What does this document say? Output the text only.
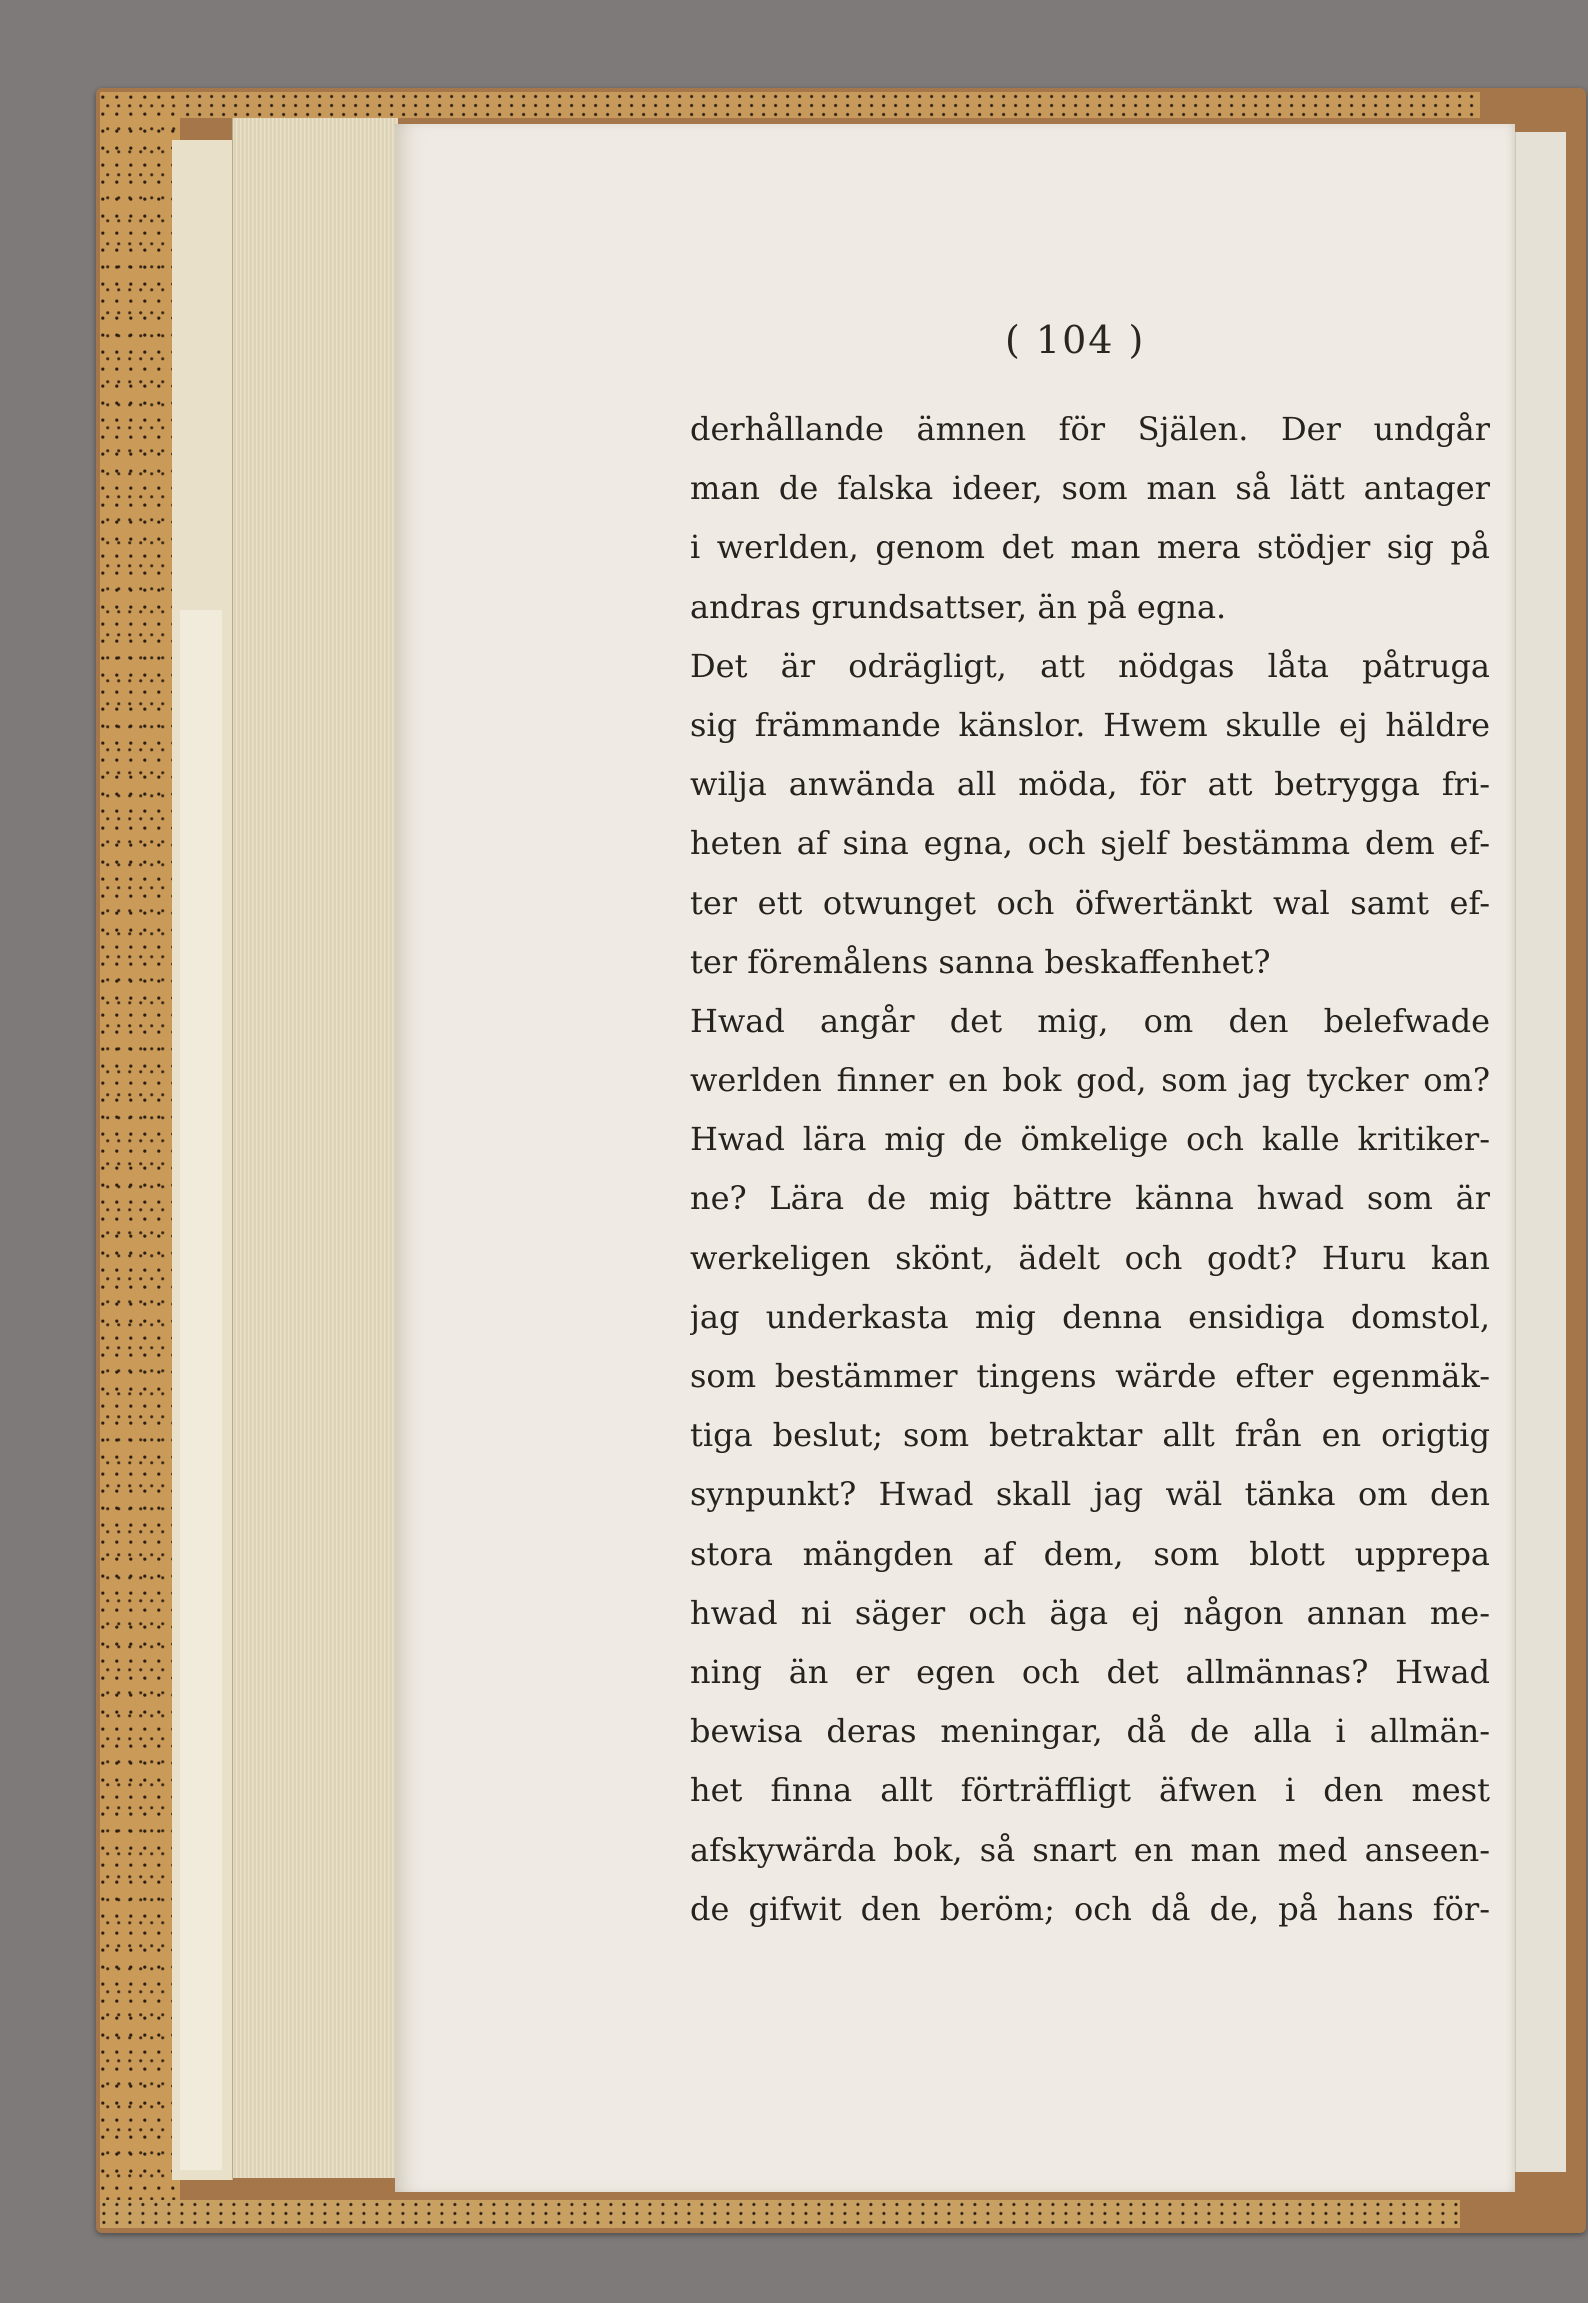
( 104 )
derhållande ämnen för Själen. Der undgår
man de falska ideer, som man så lätt antager
i werlden, genom det man mera stödjer sig på
andras grundsattser, än på egna.
Det är odrägligt, att nödgas låta påtruga
sig främmande känslor. Hwem skulle ej häldre
wilja anwända all möda, för att betrygga fri-
heten af sina egna, och sjelf bestämma dem ef-
ter ett otwunget och öfwertänkt wal samt ef-
ter föremålens sanna beskaffenhet?
Hwad angår det mig, om den belefwade
werlden finner en bok god, som jag tycker om?
Hwad lära mig de ömkelige och kalle kritiker-
ne? Lära de mig bättre känna hwad som är
werkeligen skönt, ädelt och godt? Huru kan
jag underkasta mig denna ensidiga domstol,
som bestämmer tingens wärde efter egenmäk-
tiga beslut; som betraktar allt från en origtig
synpunkt? Hwad skall jag wäl tänka om den
stora mängden af dem, som blott upprepa
hwad ni säger och äga ej någon annan me-
ning än er egen och det allmännas? Hwad
bewisa deras meningar, då de alla i allmän-
het finna allt förträffligt äfwen i den mest
afskywärda bok, så snart en man med anseen-
de gifwit den beröm; och då de, på hans för-
